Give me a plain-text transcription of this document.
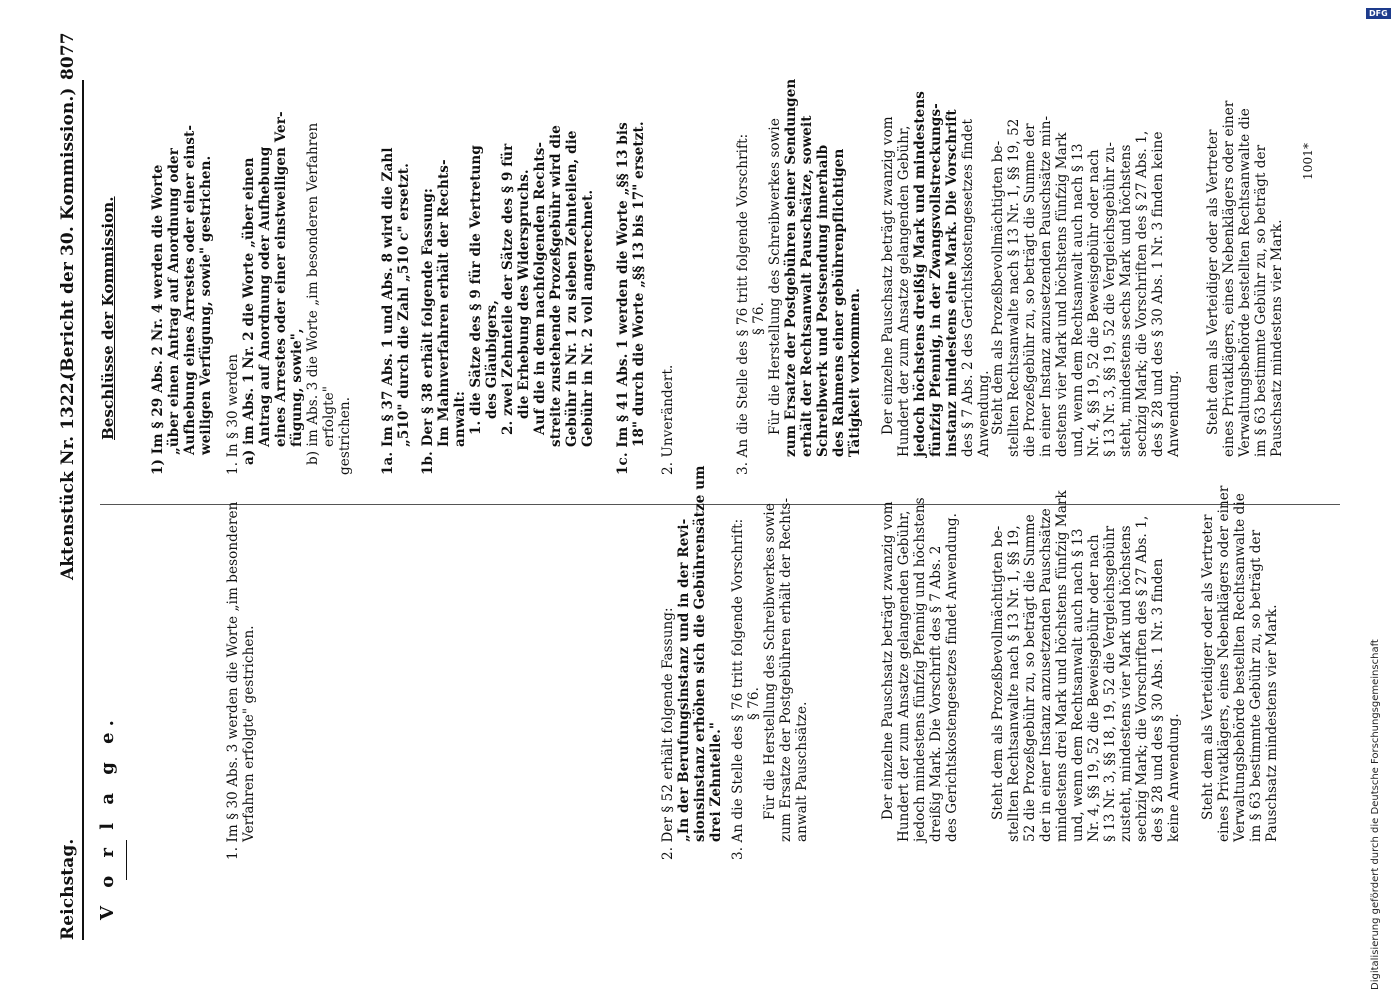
Reichstag.
Aktenstück Nr. 1322.
(Bericht der 30. Kommission.)
8077
V o r l a g e.	1. Im § 30 Abs. 3 werden die Worte „im besonderen Verfahren erfolgte" gestrichen.	2. Der § 52 erhält folgende Fassung: „In der Berufungsinstanz und in der Revi- sionsinstanz erhöhen sich die Gebührensätze um drei Zehnteile." 3. An die Stelle des § 76 tritt folgende Vorschrift: § 76. Für die Herstellung des Schreibwerkes sowie zum Ersatze der Postgebühren erhält der Rechts- anwalt Pauschsätze.	Der einzelne Pauschsatz beträgt zwanzig vom Hundert der zum Ansatze gelangenden Gebühr, jedoch mindestens fünfzig Pfennig und höchstens dreißig Mark. Die Vorschrift des § 7 Abs. 2 des Gerichtskostengesetzes findet Anwendung. Steht dem als Prozeßbevollmächtigten be- stellten Rechtsanwalte nach § 13 Nr. 1, §§ 19, 52 die Prozeßgebühr zu, so beträgt die Summe der in einer Instanz anzusetzenden Pauschsätze mindestens drei Mark und höchstens fünfzig Mark und, wenn dem Rechtsanwalt auch nach § 13 Nr. 4, §§ 19, 52 die Beweisgebühr oder nach § 13 Nr. 3, §§ 18, 19, 52 die Vergleichsgebühr zusteht, mindestens vier Mark und höchstens sechzig Mark; die Vorschriften des § 27 Abs. 1, des § 28 und des § 30 Abs. 1 Nr. 3 finden keine Anwendung. Steht dem als Verteidiger oder als Vertreter eines Privatklägers, eines Nebenklägers oder einer Verwaltungsbehörde bestellten Rechtsanwalte die im § 63 bestimmte Gebühr zu, so beträgt der Pauschsatz mindestens vier Mark.
Beschlüsse der Kommission. 1) Im § 29 Abs. 2 Nr. 4 werden die Worte „über einen Antrag auf Anordnung oder Aufhebung eines Arrestes oder einer einst- weiligen Verfügung, sowie" gestrichen. 1. In § 30 werden a) im Abs. 1 Nr. 2 die Worte „über einen Antrag auf Anordnung oder Aufhebung eines Arrestes oder einer einstweiligen Ver- fügung, sowie", b) im Abs. 3 die Worte „im besonderen Verfahren erfolgte" gestrichen. 1a. Im § 37 Abs. 1 und Abs. 8 wird die Zahl „510" durch die Zahl „510 c" ersetzt. 1b. Der § 38 erhält folgende Fassung: Im Mahnverfahren erhält der Rechts- anwalt: 1. die Sätze des § 9 für die Vertretung des Gläubigers, 2. zwei Zehnteile der Sätze des § 9 für die Erhebung des Widerspruchs. Auf die in dem nachfolgenden Rechts- streite zustehende Prozeßgebühr wird die Gebühr in Nr. 1 zu sieben Zehnteilen, die Gebühr in Nr. 2 voll angerechnet. 1c. Im § 41 Abs. 1 werden die Worte „§§ 13 bis 18" durch die Worte „§§ 13 bis 17" ersetzt. 2. Unverändert.	3. An die Stelle des § 76 tritt folgende Vorschrift: § 76. Für die Herstellung des Schreibwerkes sowie zum Ersatze der Postgebühren seiner Sendungen erhält der Rechtsanwalt Pauschsätze, soweit Schreibwerk und Postsendung innerhalb des Rahmens einer gebührenpflichtigen Tätigkeit vorkommen. Der einzelne Pauschsatz beträgt zwanzig vom Hundert der zum Ansatze gelangenden Gebühr, jedoch höchstens dreißig Mark und mindestens fünfzig Pfennig, in der Zwangsvollstreckungs- instanz mindestens eine Mark. Die Vorschrift des § 7 Abs. 2 des Gerichtskostengesetzes findet Anwendung.
Steht dem als Prozeßbevollmächtigten be- stellten Rechtsanwalte nach § 13 Nr. 1, §§ 19, 52 die Prozeßgebühr zu, so beträgt die Summe der in einer Instanz anzusetzenden Pauschsätze min- destens vier Mark und höchstens fünfzig Mark und, wenn dem Rechtsanwalt auch nach § 13 Nr. 4, §§ 19, 52 die Beweisgebühr oder nach § 13 Nr. 3, §§ 19, 52 die Vergleichsgebühr zu- steht, mindestens sechs Mark und höchstens sechzig Mark; die Vorschriften des § 27 Abs. 1, des § 28 und des § 30 Abs. 1 Nr. 3 finden keine Anwendung. Steht dem als Verteidiger oder als Vertreter eines Privatklägers, eines Nebenklägers oder einer Verwaltungsbehörde bestellten Rechtsanwalte die im § 63 bestimmte Gebühr zu, so beträgt der Pauschsatz mindestens vier Mark.
1001*
Digitalisierung gefördert durch die Deutsche Forschungsgemeinschaft
DFG
